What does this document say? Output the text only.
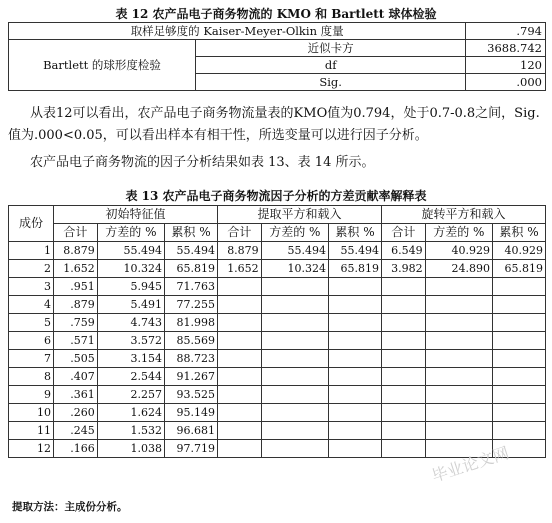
表 12 农产品电子商务物流的 KMO 和 Bartlett 球体检验
取样足够度的 Kaiser-Meyer-Olkin 度量		.794
Bartlett 的球形度检验	近似卡方	3688.742
	df	120
	Sig.	.000

从表12可以看出，农产品电子商务物流量表的KMO值为0.794，处于0.7-0.8之间，Sig.值为.000<0.05，可以看出样本有相干性，所选变量可以进行因子分析。

农产品电子商务物流的因子分析结果如表 13、表 14 所示。

表 13 农产品电子商务物流因子分析的方差贡献率解释表
成份	初始特征值			提取平方和载入			旋转平方和载入		
	合计	方差的 %	累积 %	合计	方差的 %	累积 %	合计	方差的 %	累积 %
1	8.879	55.494	55.494	8.879	55.494	55.494	6.549	40.929	40.929
2	1.652	10.324	65.819	1.652	10.324	65.819	3.982	24.890	65.819
3	.951	5.945	71.763						
4	.879	5.491	77.255						
5	.759	4.743	81.998						
6	.571	3.572	85.569						
7	.505	3.154	88.723						
8	.407	2.544	91.267						
9	.361	2.257	93.525						
10	.260	1.624	95.149						
11	.245	1.532	96.681						
12	.166	1.038	97.719						
提取方法：主成份分析。
毕业论文网
